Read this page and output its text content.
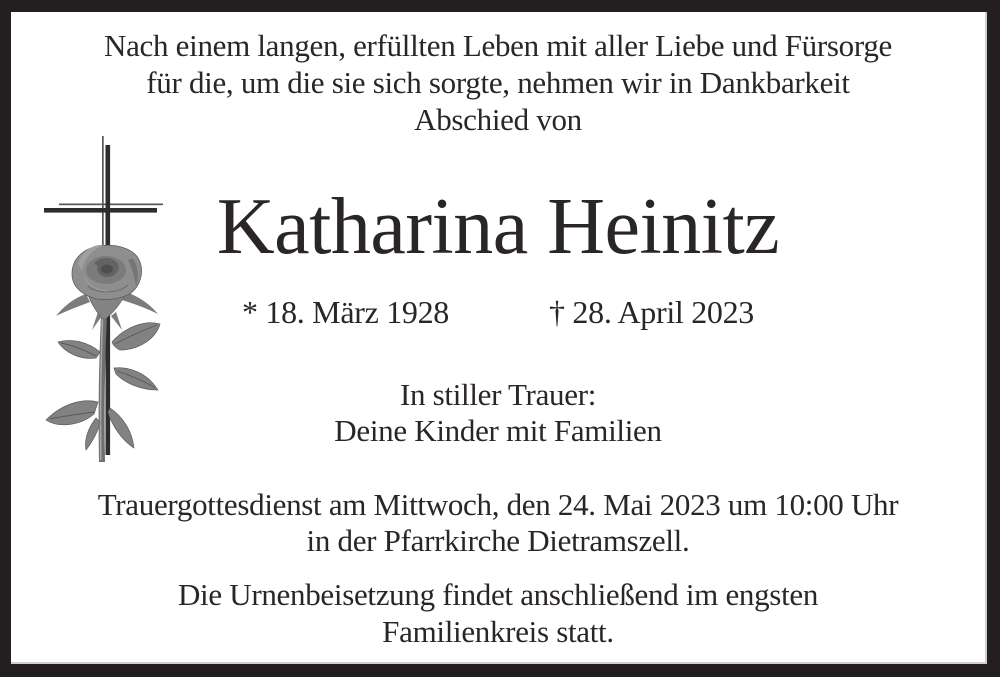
Nach einem langen, erfüllten Leben mit aller Liebe und Fürsorge
für die, um die sie sich sorgte, nehmen wir in Dankbarkeit
Abschied von
Katharina Heinitz
* 18. März 1928	† 28. April 2023
In stiller Trauer:
Deine Kinder mit Familien
Trauergottesdienst am Mittwoch, den 24. Mai 2023 um 10:00 Uhr
in der Pfarrkirche Dietramszell.
Die Urnenbeisetzung findet anschließend im engsten
Familienkreis statt.
